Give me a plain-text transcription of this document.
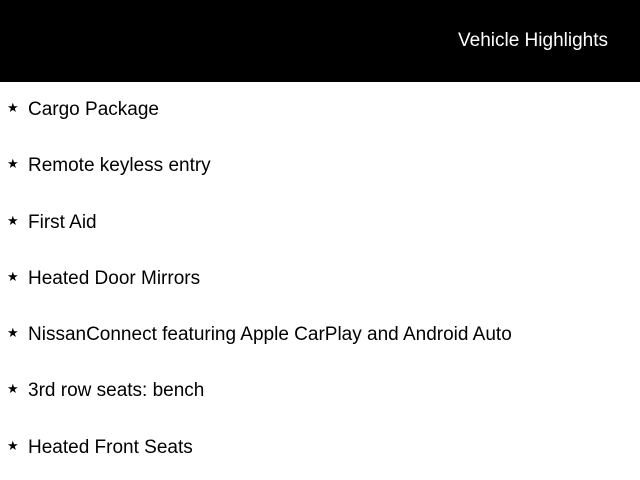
Vehicle Highlights
★ Cargo Package
★ Remote keyless entry
★ First Aid
★ Heated Door Mirrors
★ NissanConnect featuring Apple CarPlay and Android Auto
★ 3rd row seats: bench
★ Heated Front Seats
